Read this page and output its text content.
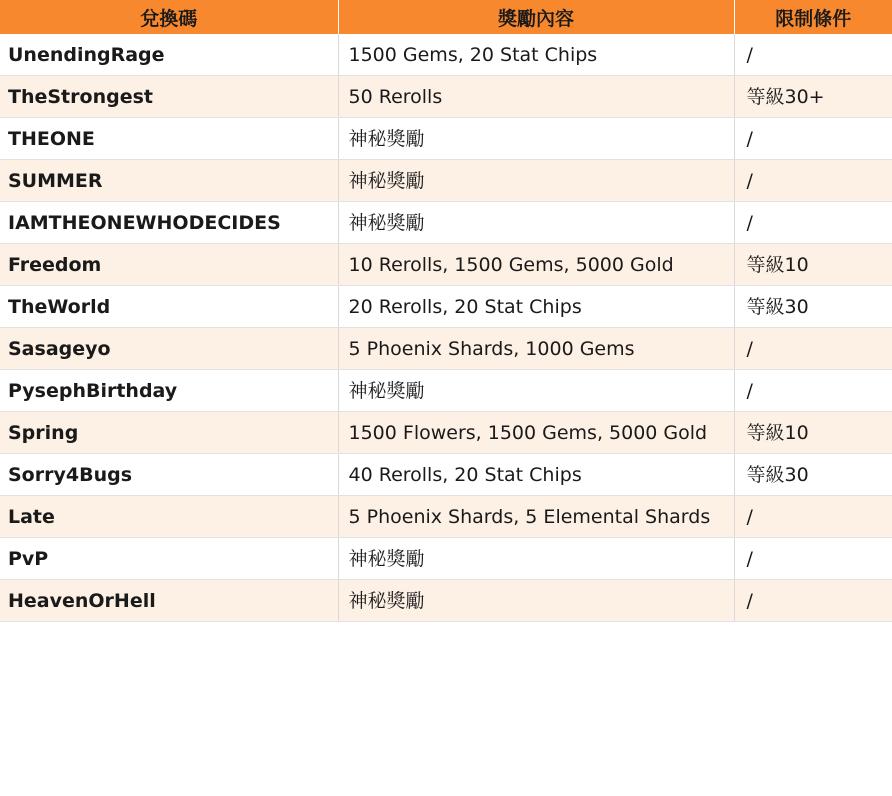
兌換碼	獎勵內容	限制條件
UnendingRage	1500 Gems, 20 Stat Chips	/
TheStrongest	50 Rerolls	等級30+
THEONE	神秘獎勵	/
SUMMER	神秘獎勵	/
IAMTHEONEWHODECIDES	神秘獎勵	/
Freedom	10 Rerolls, 1500 Gems, 5000 Gold	等級10
TheWorld	20 Rerolls, 20 Stat Chips	等級30
Sasageyo	5 Phoenix Shards, 1000 Gems	/
PysephBirthday	神秘獎勵	/
Spring	1500 Flowers, 1500 Gems, 5000 Gold	等級10
Sorry4Bugs	40 Rerolls, 20 Stat Chips	等級30
Late	5 Phoenix Shards, 5 Elemental Shards	/
PvP	神秘獎勵	/
HeavenOrHell	神秘獎勵	/
